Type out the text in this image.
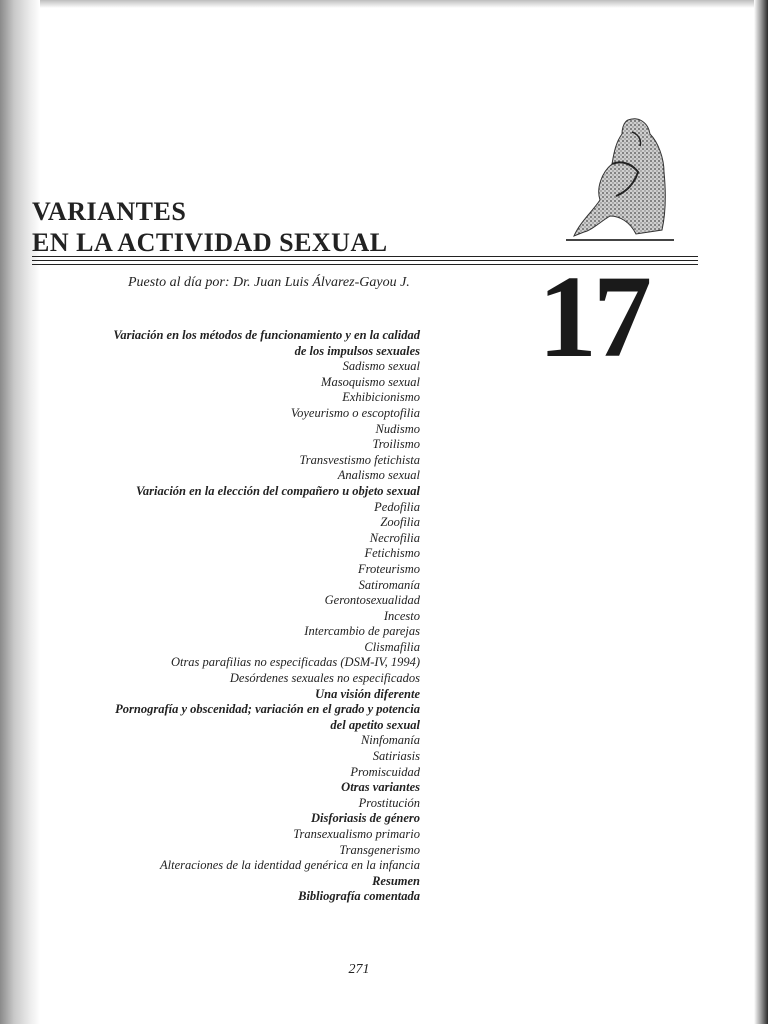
VARIANTES
EN LA ACTIVIDAD SEXUAL
17
Puesto al día por: Dr. Juan Luis Álvarez-Gayou J.
Variación en los métodos de funcionamiento y en la calidad
de los impulsos sexuales
Sadismo sexual
Masoquismo sexual
Exhibicionismo
Voyeurismo o escoptofilia
Nudismo
Troilismo
Transvestismo fetichista
Analismo sexual
Variación en la elección del compañero u objeto sexual
Pedofilia
Zoofilia
Necrofilia
Fetichismo
Froteurismo
Satiromanía
Gerontosexualidad
Incesto
Intercambio de parejas
Clismafilia
Otras parafilias no especificadas (DSM-IV, 1994)
Desórdenes sexuales no especificados
Una visión diferente
Pornografía y obscenidad; variación en el grado y potencia
del apetito sexual
Ninfomanía
Satiriasis
Promiscuidad
Otras variantes
Prostitución
Disforiasis de género
Transexualismo primario
Transgenerismo
Alteraciones de la identidad genérica en la infancia
Resumen
Bibliografía comentada
271
